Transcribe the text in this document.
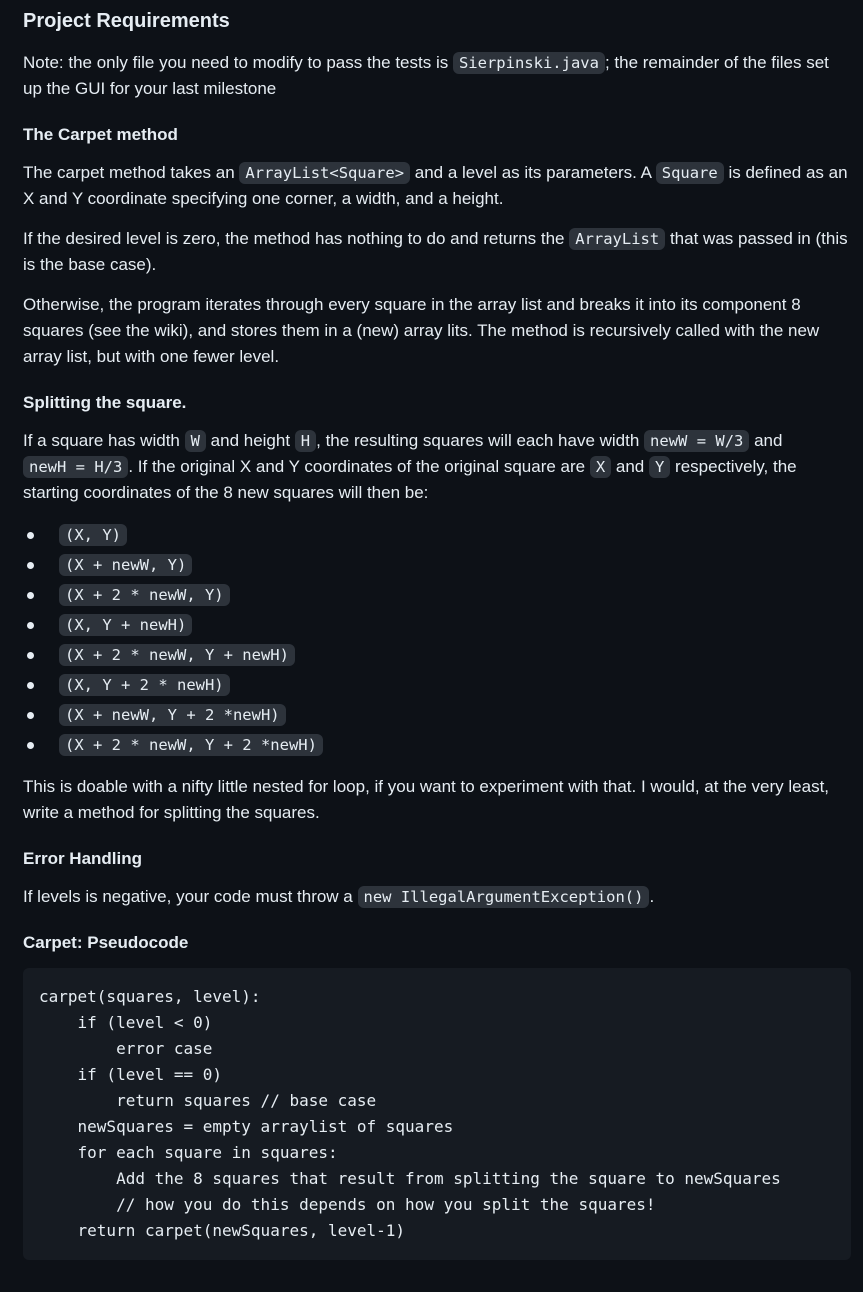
Project Requirements

Note: the only file you need to modify to pass the tests is Sierpinski.java ; the remainder of the files set up the GUI for your last milestone

The Carpet method

The carpet method takes an ArrayList<Square> and a level as its parameters. A Square is defined as an X and Y coordinate specifying one corner, a width, and a height.

If the desired level is zero, the method has nothing to do and returns the ArrayList that was passed in (this is the base case).

Otherwise, the program iterates through every square in the array list and breaks it into its component 8 squares (see the wiki), and stores them in a (new) array lits. The method is recursively called with the new array list, but with one fewer level.

Splitting the square.

If a square has width W and height H , the resulting squares will each have width newW = W/3 and newH = H/3 . If the original X and Y coordinates of the original square are X and Y respectively, the starting coordinates of the 8 new squares will then be:

(X, Y)
(X + newW, Y)
(X + 2 * newW, Y)
(X, Y + newH)
(X + 2 * newW, Y + newH)
(X, Y + 2 * newH)
(X + newW, Y + 2 *newH)
(X + 2 * newW, Y + 2 *newH)

This is doable with a nifty little nested for loop, if you want to experiment with that. I would, at the very least, write a method for splitting the squares.

Error Handling

If levels is negative, your code must throw a new IllegalArgumentException() .

Carpet: Pseudocode
carpet(squares, level):
if (level < 0)
error case
if (level == 0)
return squares // base case
newSquares = empty arraylist of squares
for each square in squares:
Add the 8 squares that result from splitting the square to newSquares
// how you do this depends on how you split the squares!
return carpet(newSquares, level-1)
